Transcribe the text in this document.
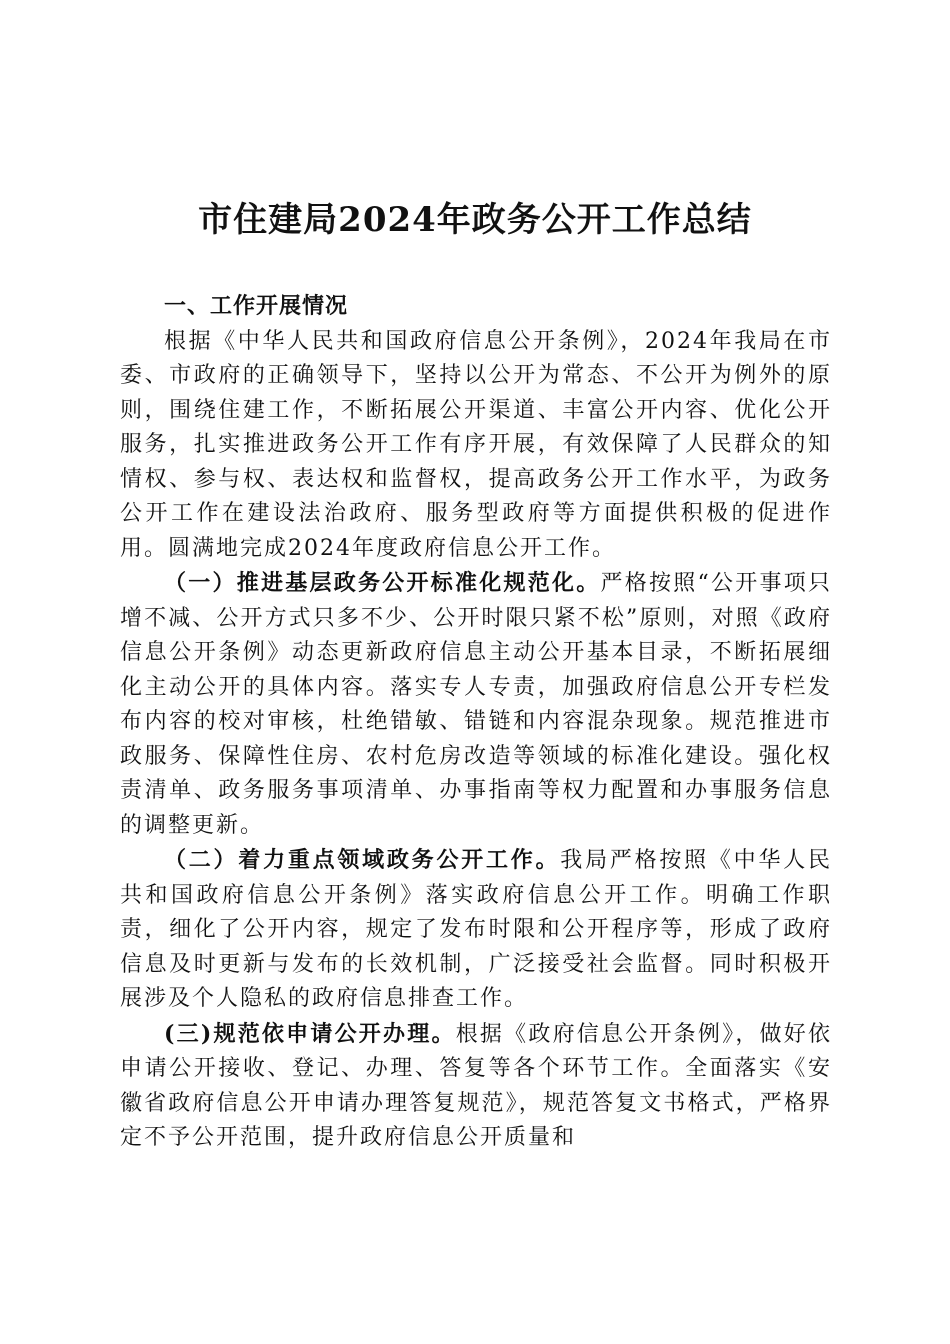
市住建局2024年政务公开工作总结

一、工作开展情况

根据《中华人民共和国政府信息公开条例》，2024年我局在市委、市政府的正确领导下，坚持以公开为常态、不公开为例外的原则，围绕住建工作，不断拓展公开渠道、丰富公开内容、优化公开服务，扎实推进政务公开工作有序开展，有效保障了人民群众的知情权、参与权、表达权和监督权，提高政务公开工作水平，为政务公开工作在建设法治政府、服务型政府等方面提供积极的促进作用。圆满地完成2024年度政府信息公开工作。

（一）推进基层政务公开标准化规范化。严格按照“公开事项只增不减、公开方式只多不少、公开时限只紧不松”原则，对照《政府信息公开条例》动态更新政府信息主动公开基本目录，不断拓展细化主动公开的具体内容。落实专人专责，加强政府信息公开专栏发布内容的校对审核，杜绝错敏、错链和内容混杂现象。规范推进市政服务、保障性住房、农村危房改造等领域的标准化建设。强化权责清单、政务服务事项清单、办事指南等权力配置和办事服务信息的调整更新。

（二）着力重点领域政务公开工作。我局严格按照《中华人民共和国政府信息公开条例》落实政府信息公开工作。明确工作职责，细化了公开内容，规定了发布时限和公开程序等，形成了政府信息及时更新与发布的长效机制，广泛接受社会监督。同时积极开展涉及个人隐私的政府信息排查工作。

(三)规范依申请公开办理。根据《政府信息公开条例》，做好依申请公开接收、登记、办理、答复等各个环节工作。全面落实《安徽省政府信息公开申请办理答复规范》，规范答复文书格式，严格界定不予公开范围，提升政府信息公开质量和
